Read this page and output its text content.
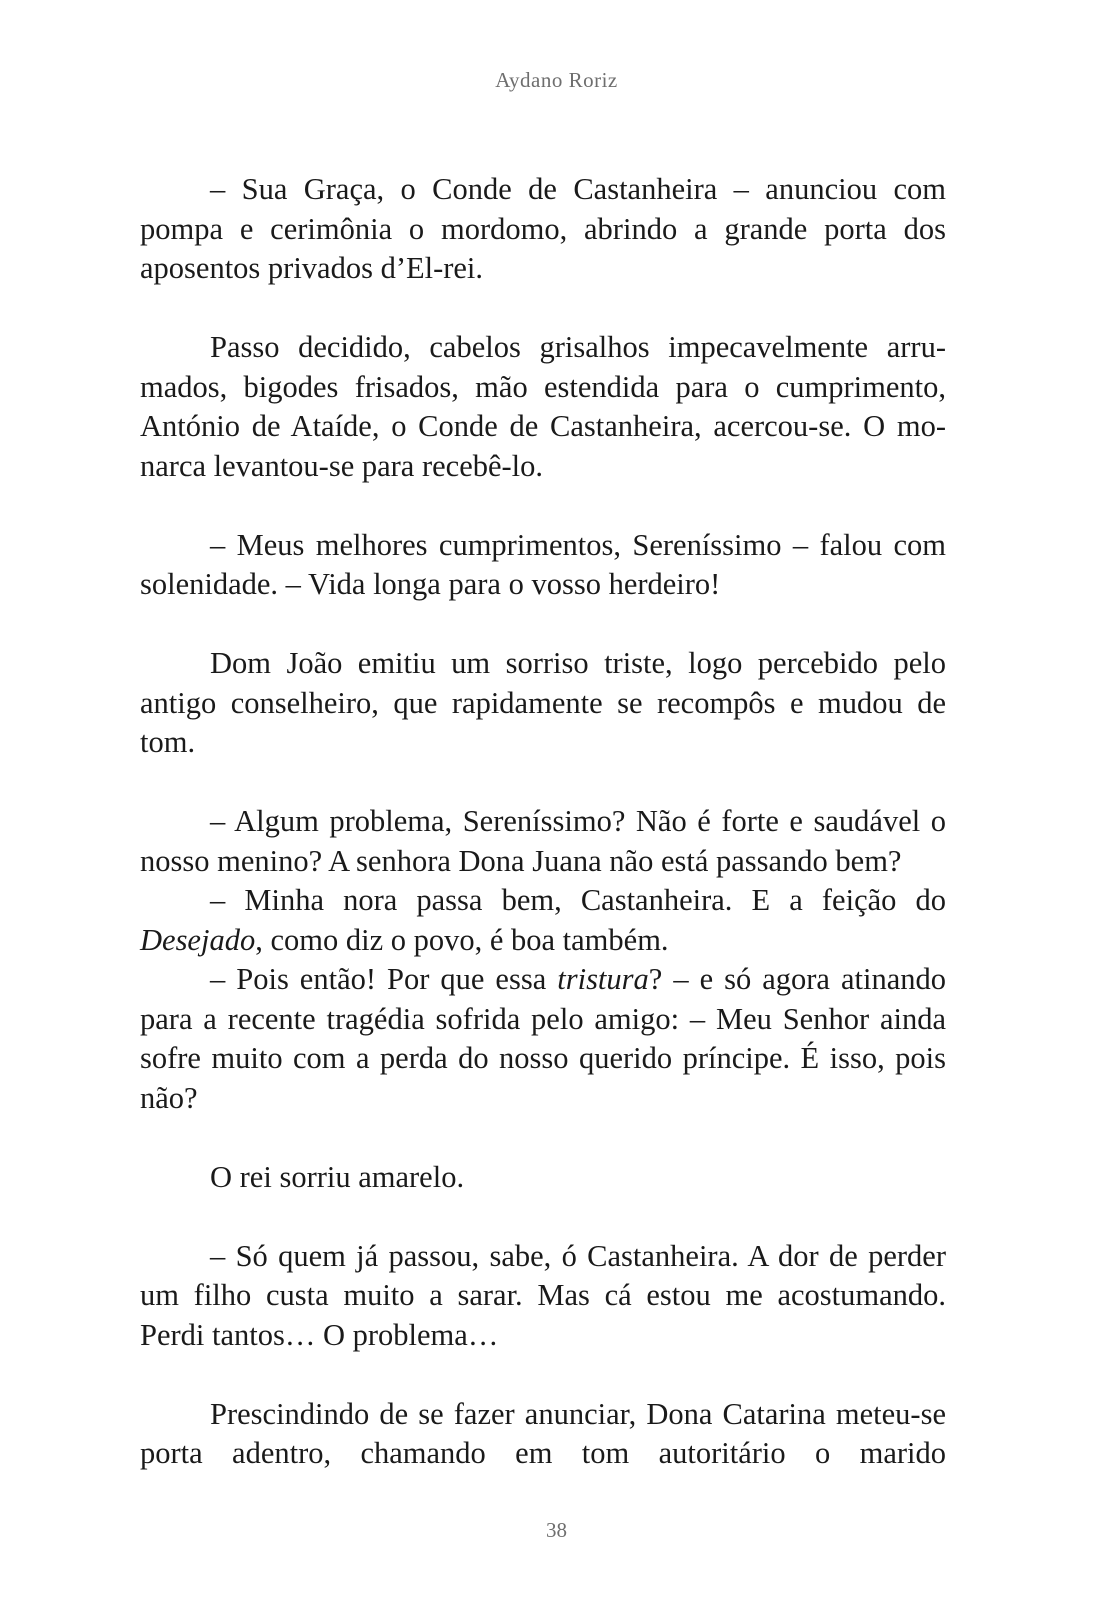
Aydano Roriz

– Sua Graça, o Conde de Castanheira – anunciou com pompa e cerimônia o mordomo, abrindo a grande porta dos aposentos privados d’El-rei.

Passo decidido, cabelos grisalhos impecavelmente arrumados, bigodes frisados, mão estendida para o cumprimento, António de Ataíde, o Conde de Castanheira, acercou-se. O monarca levantou-se para recebê-lo.

– Meus melhores cumprimentos, Sereníssimo – falou com solenidade. – Vida longa para o vosso herdeiro!

Dom João emitiu um sorriso triste, logo percebido pelo antigo conselheiro, que rapidamente se recompôs e mudou de tom.

– Algum problema, Sereníssimo? Não é forte e saudável o nosso menino? A senhora Dona Juana não está passando bem?

– Minha nora passa bem, Castanheira. E a feição do Desejado, como diz o povo, é boa também.

– Pois então! Por que essa tristura? – e só agora atinando para a recente tragédia sofrida pelo amigo: – Meu Senhor ainda sofre muito com a perda do nosso querido príncipe. É isso, pois não?

O rei sorriu amarelo.

– Só quem já passou, sabe, ó Castanheira. A dor de perder um filho custa muito a sarar. Mas cá estou me acostumando. Perdi tantos… O problema…

Prescindindo de se fazer anunciar, Dona Catarina meteu-se porta adentro, chamando em tom autoritário o marido

38
